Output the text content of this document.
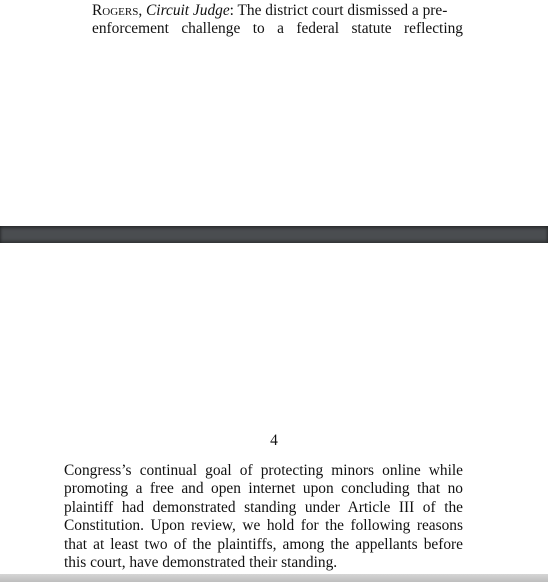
Rogers, Circuit Judge: The district court dismissed a pre-
enforcement challenge to a federal statute reflecting

4

Congress’s continual goal of protecting minors online while promoting a free and open internet upon concluding that no plaintiff had demonstrated standing under Article III of the Constitution. Upon review, we hold for the following reasons that at least two of the plaintiffs, among the appellants before this court, have demonstrated their standing.
